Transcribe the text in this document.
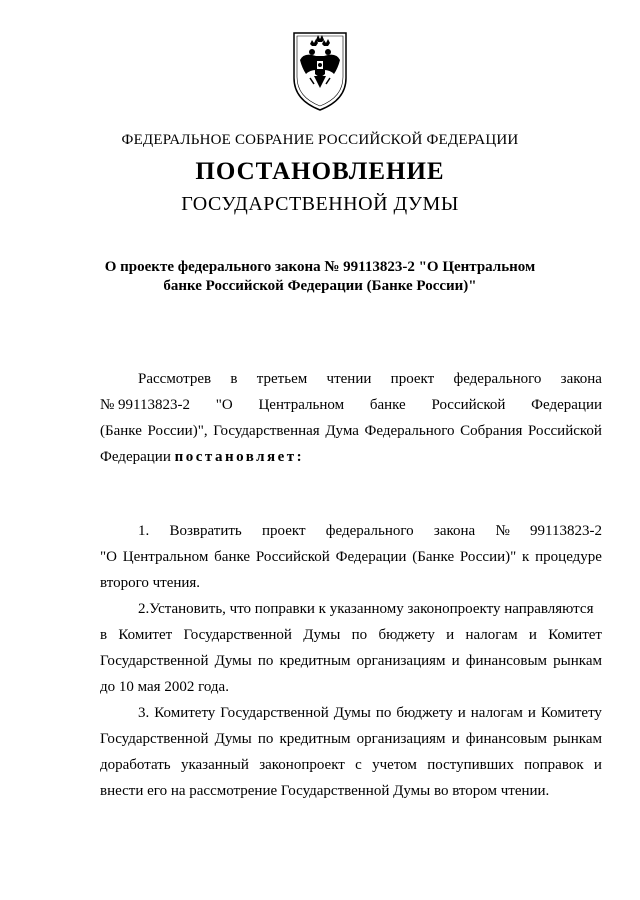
ФЕДЕРАЛЬНОЕ СОБРАНИЕ РОССИЙСКОЙ ФЕДЕРАЦИИ
ПОСТАНОВЛЕНИЕ
ГОСУДАРСТВЕННОЙ ДУМЫ
О проекте федерального закона № 99113823-2 "О Центральном
банке Российской Федерации (Банке России)"
Рассмотрев в третьем чтении проект федерального закона
№ 99113823-2 "О Центральном банке Российской Федерации
(Банке России)", Государственная Дума Федерального Собрания Российской
Федерации постановляет:
1. Возвратить проект федерального закона № 99113823-2
"О Центральном банке Российской Федерации (Банке России)" к процедуре
второго чтения.
2.Установить, что поправки к указанному законопроекту направляются
в Комитет Государственной Думы по бюджету и налогам и Комитет
Государственной Думы по кредитным организациям и финансовым рынкам
до 10 мая 2002 года.
3. Комитету Государственной Думы по бюджету и налогам и Комитету
Государственной Думы по кредитным организациям и финансовым рынкам
доработать указанный законопроект с учетом поступивших поправок и
внести его на рассмотрение Государственной Думы во втором чтении.
